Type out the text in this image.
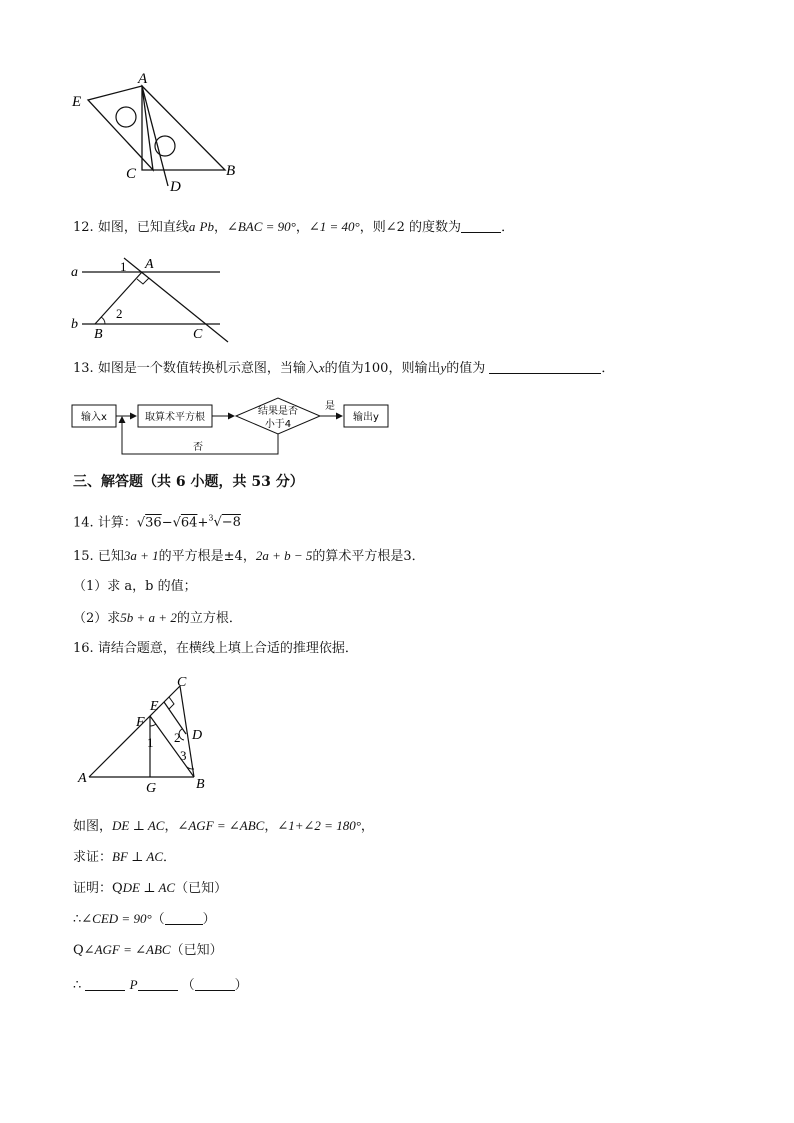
A
E
C	B
D
12. 如图，已知直线a Pb，∠BAC = 90°，∠1 = 40°，则∠2 的度数为	．
a
b
1 A
2
B	C
13. 如图是一个数值转换机示意图，当输入x的值为100，则输出y的值为	．
输入x	取算术平方根
结果是否
小于4
输出y
是
否
三、解答题（共 6 小题，共 53 分）
14. 计算：√36−√64+$^3$√−8
15. 已知3a + 1的平方根是±4，2a + b − 5的算术平方根是3．
（1）求 a，b 的值；
（2）求5b + a + 2的立方根．
16. 请结合题意，在横线上填上合适的推理依据．
C
E
F
1 2 D
3
A
G	B
如图，DE ⊥ AC，∠AGF = ∠ABC，∠1+∠2 = 180°，
求证：BF ⊥ AC．
证明：QDE ⊥ AC（已知）
∴∠CED = 90°（	）
Q∠AGF = ∠ABC（已知）
∴	P	（	）
